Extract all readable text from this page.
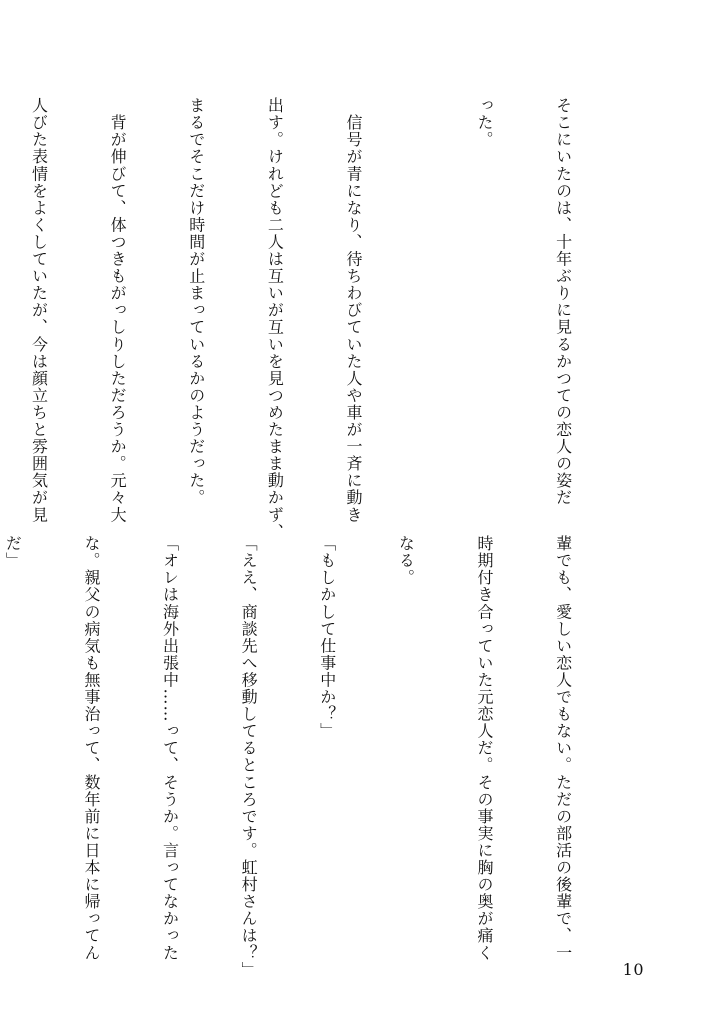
そこにいたのは、十年ぶりに見るかつての恋人の姿だ

った。

　信号が青になり、待ちわびていた人や車が一斉に動き

出す。けれども二人は互いが互いを見つめたまま動かず、

まるでそこだけ時間が止まっているかのようだった。

　背が伸びて、体つきもがっしりしただろうか。元々大

人びた表情をよくしていたが、今は顔立ちと雰囲気が見

輩でも、愛しい恋人でもない。ただの部活の後輩で、一

時期付き合っていた元恋人だ。その事実に胸の奥が痛く

なる。

「もしかして仕事中か？」

「ええ、商談先へ移動してるところです。虹村さんは？」

「オレは海外出張中……って、そうか。言ってなかった

な。親父の病気も無事治って、数年前に日本に帰ってん

だ」

10
